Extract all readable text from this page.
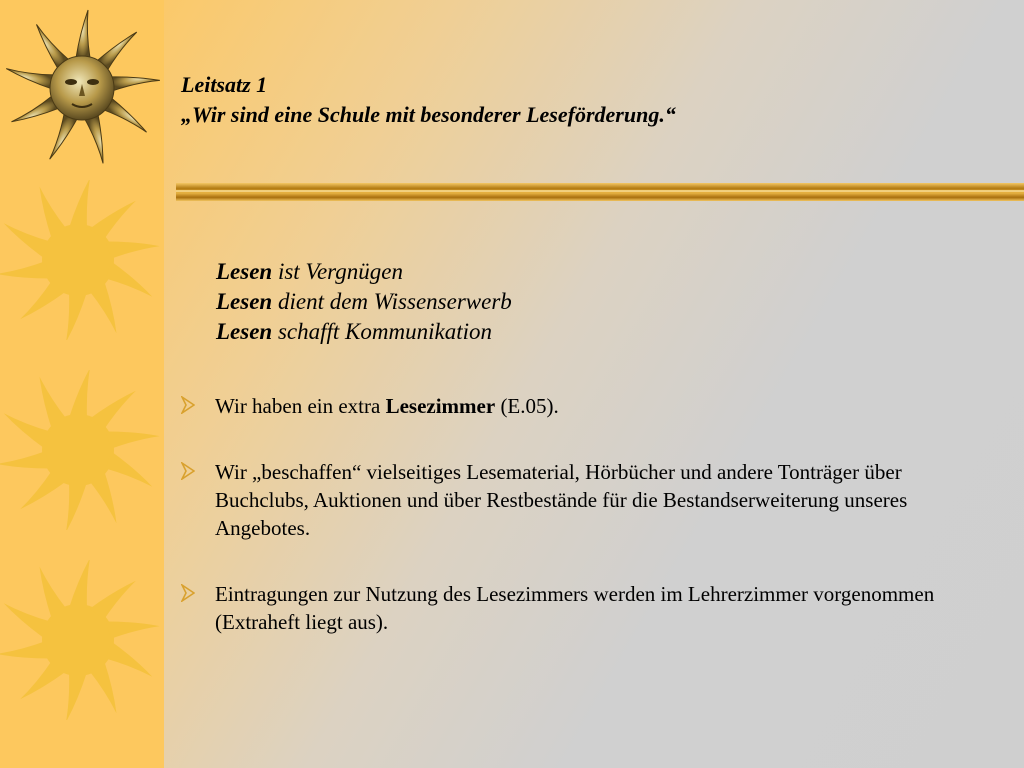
Leitsatz 1
„Wir sind eine Schule mit besonderer Leseförderung.“
Lesen ist Vergnügen
Lesen dient dem Wissenserwerb
Lesen schafft Kommunikation
Wir haben ein extra Lesezimmer (E.05).
Wir „beschaffen“ vielseitiges Lesematerial, Hörbücher und andere Tonträger über Buchclubs, Auktionen und über Restbestände für die Bestandserweiterung unseres Angebotes.
Eintragungen zur Nutzung des Lesezimmers werden im Lehrerzimmer vorgenommen (Extraheft liegt aus).
